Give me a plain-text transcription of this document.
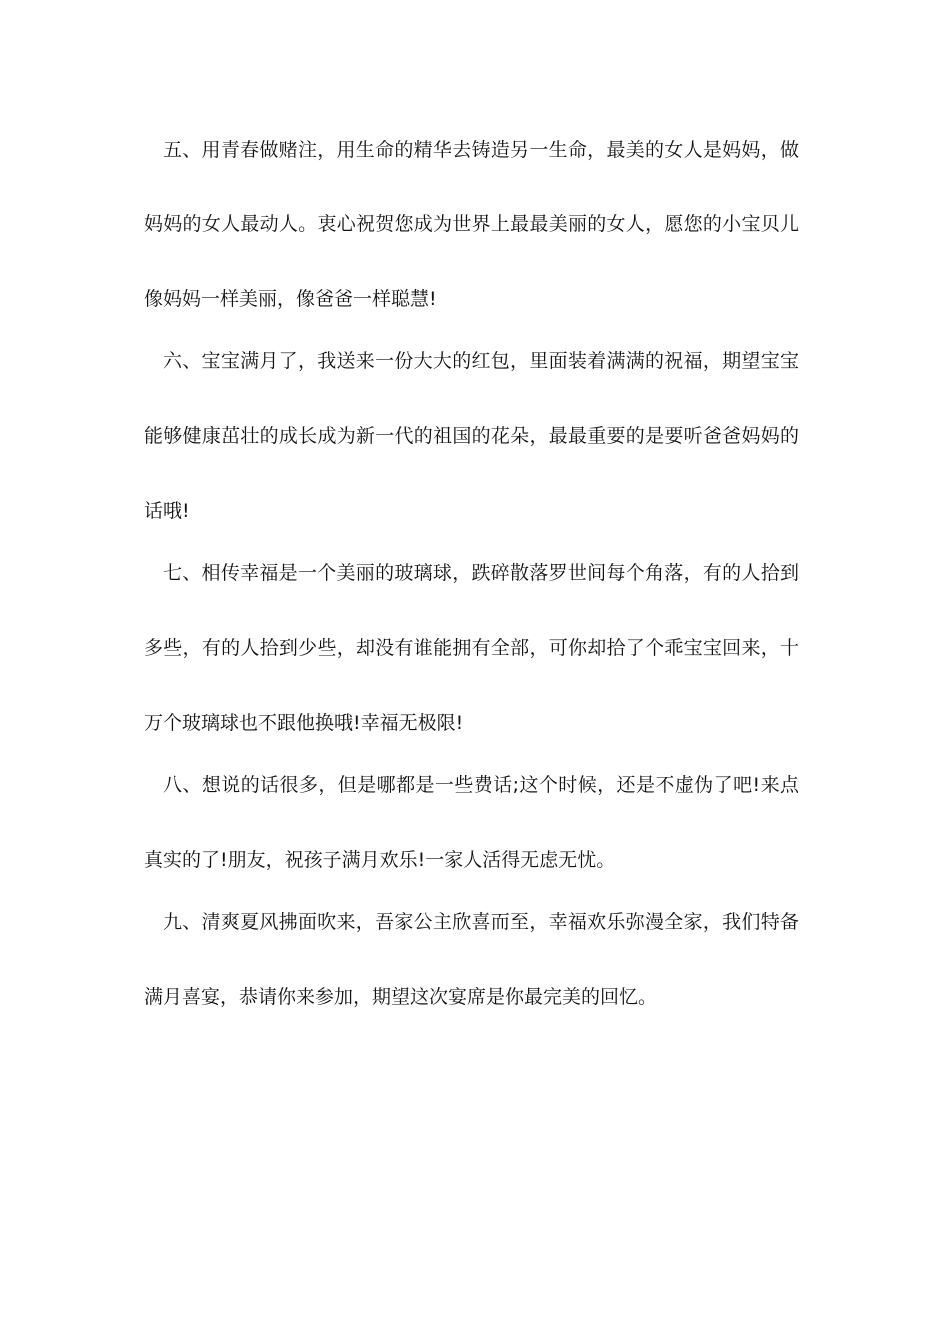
五、用青春做赌注，用生命的精华去铸造另一生命，最美的女人是妈妈，做
妈妈的女人最动人。衷心祝贺您成为世界上最最美丽的女人，愿您的小宝贝儿
像妈妈一样美丽，像爸爸一样聪慧!
六、宝宝满月了，我送来一份大大的红包，里面装着满满的祝福，期望宝宝
能够健康茁壮的成长成为新一代的祖国的花朵，最最重要的是要听爸爸妈妈的
话哦!
七、相传幸福是一个美丽的玻璃球，跌碎散落罗世间每个角落，有的人拾到
多些，有的人拾到少些，却没有谁能拥有全部，可你却拾了个乖宝宝回来，十
万个玻璃球也不跟他换哦!幸福无极限!
八、想说的话很多，但是哪都是一些费话;这个时候，还是不虚伪了吧!来点
真实的了!朋友，祝孩子满月欢乐!一家人活得无虑无忧。
九、清爽夏风拂面吹来，吾家公主欣喜而至，幸福欢乐弥漫全家，我们特备
满月喜宴，恭请你来参加，期望这次宴席是你最完美的回忆。
